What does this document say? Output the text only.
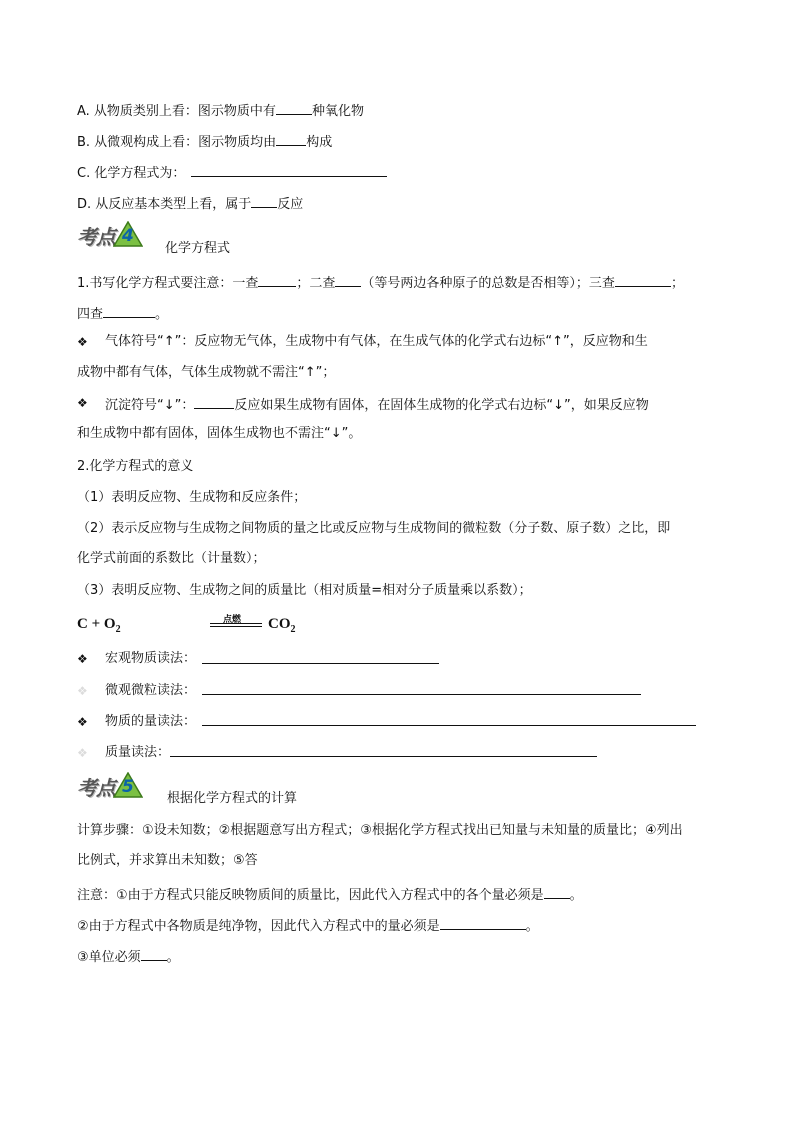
A. 从物质类别上看：图示物质中有	种氧化物
B. 从微观构成上看：图示物质均由 构成
C. 化学方程式为：
D. 从反应基本类型上看，属于 反应
考点 4
化学方程式
1.书写化学方程式要注意：一查	；二查 （等号两边各种原子的总数是否相等）；三查	；
四查	。
❖ 气体符号“↑”：反应物无气体，生成物中有气体，在生成气体的化学式右边标“↑”，反应物和生
成物中都有气体，气体生成物就不需注“↑”；
❖ 沉淀符号“↓”：	反应如果生成物有固体，在固体生成物的化学式右边标“↓”，如果反应物
和生成物中都有固体，固体生成物也不需注“↓”。
2.化学方程式的意义
（1）表明反应物、生成物和反应条件；
（2）表示反应物与生成物之间物质的量之比或反应物与生成物间的微粒数（分子数、原子数）之比，即
化学式前面的系数比（计量数）；
（3）表明反应物、生成物之间的质量比（相对质量=相对分子质量乘以系数）；
$C + O_2$
点燃 $CO_2$
❖ 宏观物质读法：
❖ 微观微粒读法：
❖ 物质的量读法：
❖ 质量读法：
考点 5
根据化学方程式的计算
计算步骤：①设未知数；②根据题意写出方程式；③根据化学方程式找出已知量与未知量的质量比；④列出
比例式，并求算出未知数；⑤答
注意：①由于方程式只能反映物质间的质量比，因此代入方程式中的各个量必须是 。
②由于方程式中各物质是纯净物，因此代入方程式中的量必须是	。
③单位必须 。
